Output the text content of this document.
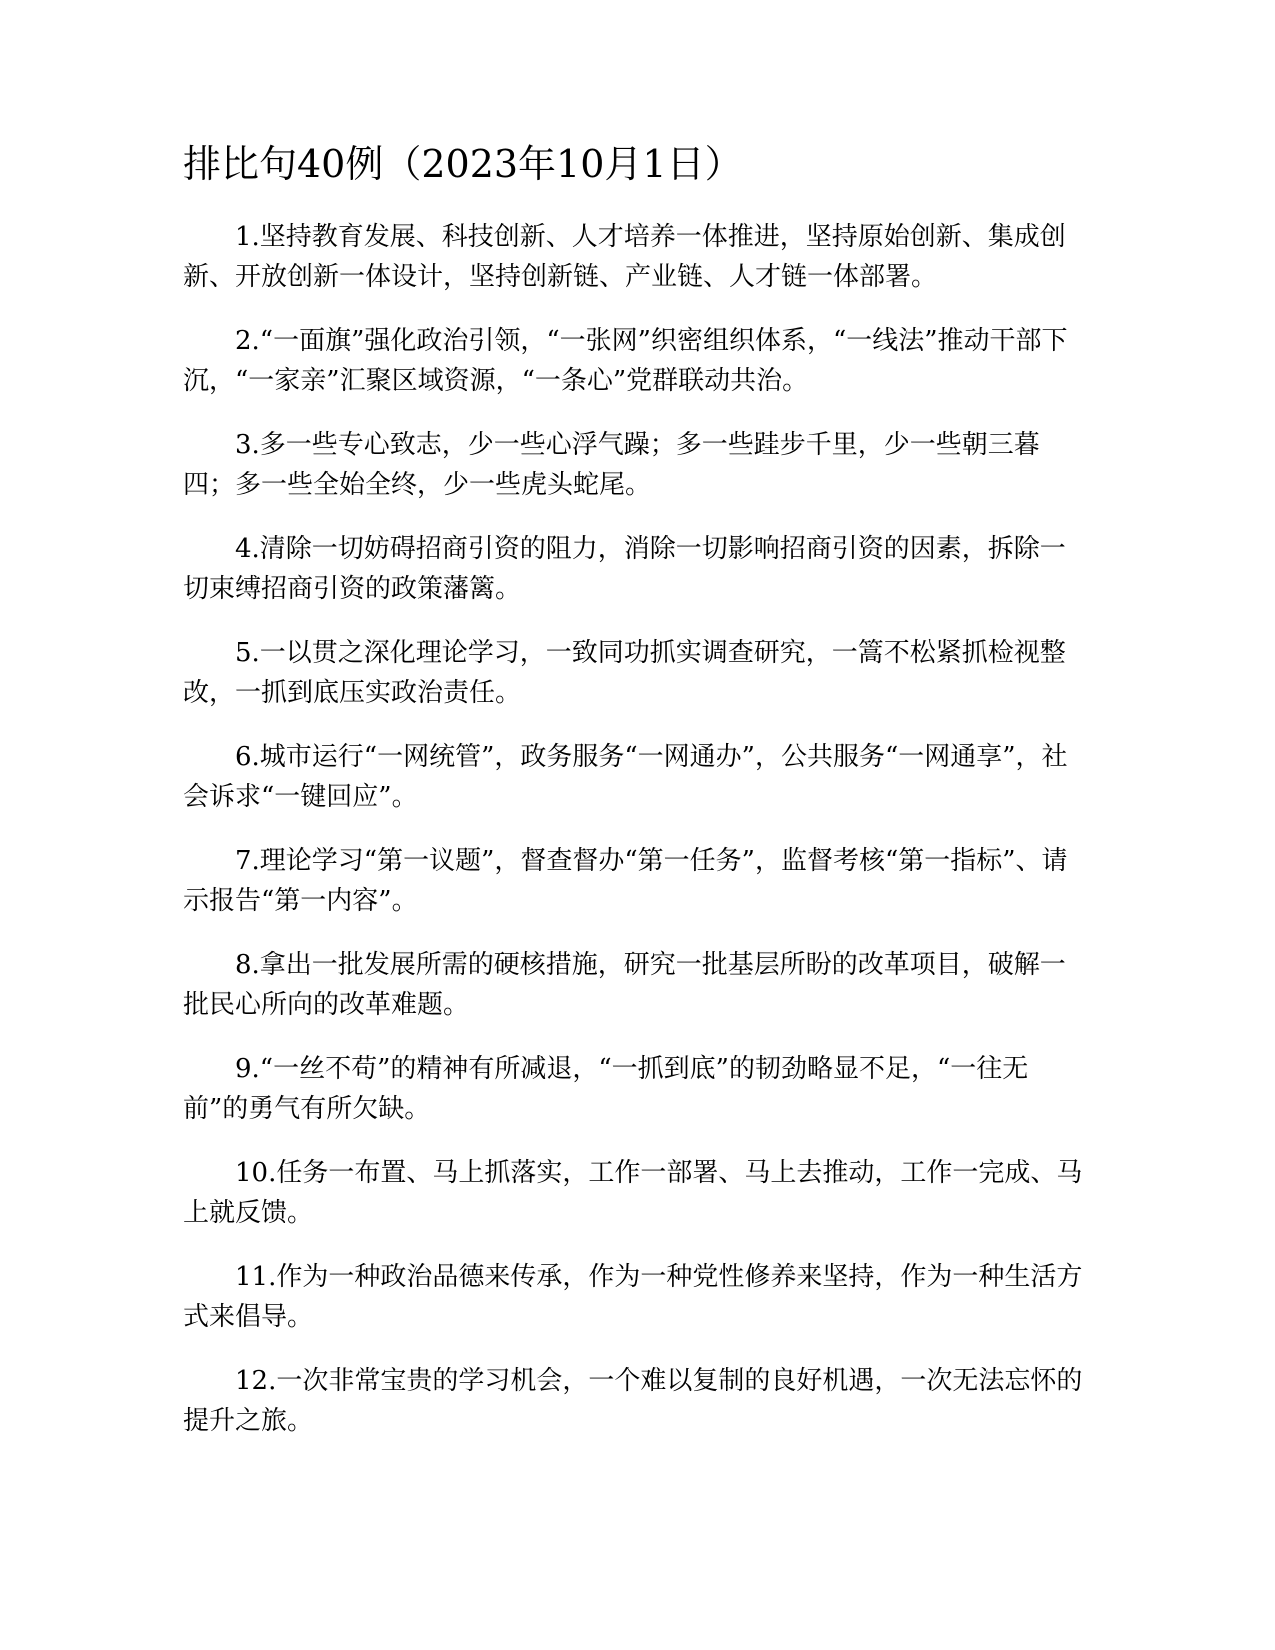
排比句40例（2023年10月1日）

1.坚持教育发展、科技创新、人才培养一体推进，坚持原始创新、集成创新、开放创新一体设计，坚持创新链、产业链、人才链一体部署。

2.“一面旗”强化政治引领，“一张网”织密组织体系，“一线法”推动干部下沉，“一家亲”汇聚区域资源，“一条心”党群联动共治。

3.多一些专心致志，少一些心浮气躁；多一些跬步千里，少一些朝三暮四；多一些全始全终，少一些虎头蛇尾。

4.清除一切妨碍招商引资的阻力，消除一切影响招商引资的因素，拆除一切束缚招商引资的政策藩篱。

5.一以贯之深化理论学习，一致同功抓实调查研究，一篙不松紧抓检视整改，一抓到底压实政治责任。

6.城市运行“一网统管”，政务服务“一网通办”，公共服务“一网通享”，社会诉求“一键回应”。

7.理论学习“第一议题”，督查督办“第一任务”，监督考核“第一指标”、请示报告“第一内容”。

8.拿出一批发展所需的硬核措施，研究一批基层所盼的改革项目，破解一批民心所向的改革难题。

9.“一丝不苟”的精神有所减退，“一抓到底”的韧劲略显不足，“一往无前”的勇气有所欠缺。

10.任务一布置、马上抓落实，工作一部署、马上去推动，工作一完成、马上就反馈。

11.作为一种政治品德来传承，作为一种党性修养来坚持，作为一种生活方式来倡导。

12.一次非常宝贵的学习机会，一个难以复制的良好机遇，一次无法忘怀的提升之旅。
